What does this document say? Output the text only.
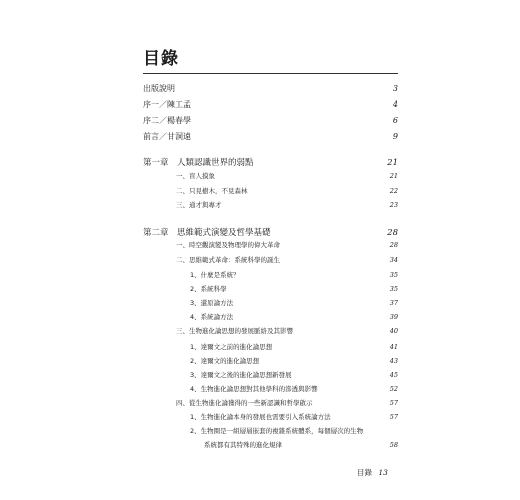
目錄
出版說明	3
序一／陳工孟	4
序二／楊春學	6
前言／甘洞遠	9
第一章　人類認識世界的弱點	21
一、盲人摸象	21
二、只見樹木，不見森林	22
三、通才與專才	23
第二章　思維範式演變及哲學基礎	28
一、時空觀演變及物理學的偉大革命	28
二、思維範式革命：系統科學的誕生	34
1、什麼是系統？	35
2、系統科學	35
3、還原論方法	37
4、系統論方法	39
三、生物進化論思想的發展脈絡及其影響	40
1、達爾文之前的進化論思想	41
2、達爾文的進化論思想	43
3、達爾文之後的進化論思想新發展	45
4、生物進化論思想對其他學科的滲透與影響	52
四、從生物進化論獲得的一些新認識和哲學啟示	57
1、生物進化論本身的發展也需要引入系統論方法	57
2、生物圈是一組層層嵌套的複雜系統體系，每個層次的生物
系統都有其特殊的進化規律	58
目錄 13
